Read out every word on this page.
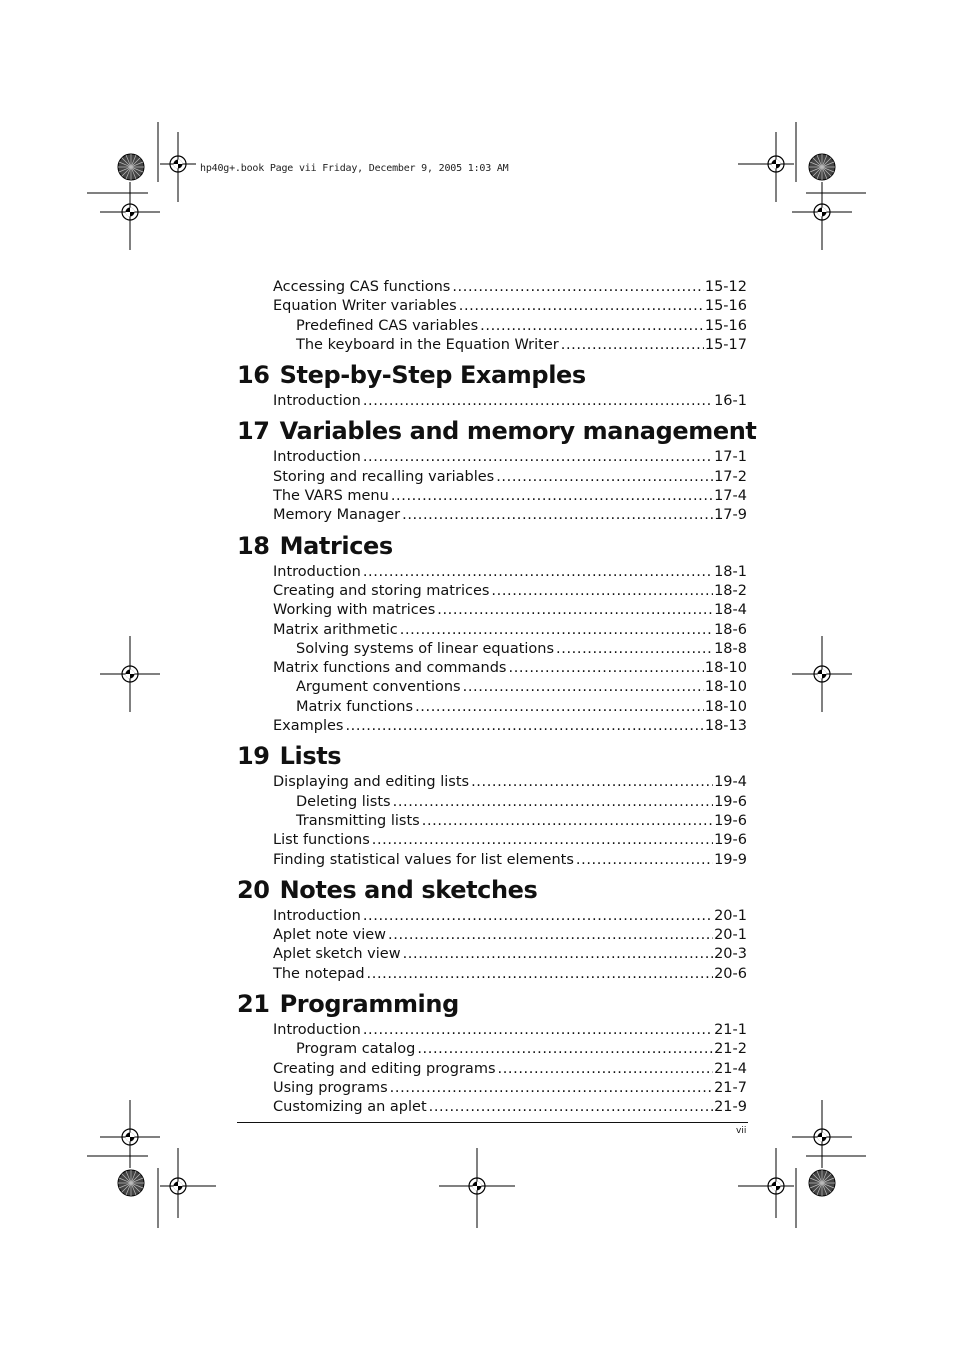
hp40g+.book Page vii Friday, December 9, 2005 1:03 AM
Accessing CAS functions .....	15-12
Equation Writer variables .....	15-16
Predefined CAS variables .....	15-16
The keyboard in the Equation Writer .....	15-17
16 Step-by-Step Examples
Introduction .....	16-1
17 Variables and memory management
Introduction .....	17-1
Storing and recalling variables .....	17-2
The VARS menu .....	17-4
Memory Manager .....	17-9
18 Matrices
Introduction .....	18-1
Creating and storing matrices .....	18-2
Working with matrices .....	18-4
Matrix arithmetic .....	18-6
Solving systems of linear equations .....	18-8
Matrix functions and commands .....	18-10
Argument conventions .....	18-10
Matrix functions .....	18-10
Examples .....	18-13
19 Lists
Displaying and editing lists .....	19-4
Deleting lists .....	19-6
Transmitting lists .....	19-6
List functions .....	19-6
Finding statistical values for list elements .....	19-9
20 Notes and sketches
Introduction .....	20-1
Aplet note view .....	20-1
Aplet sketch view .....	20-3
The notepad .....	20-6
21 Programming
Introduction .....	21-1
Program catalog .....	21-2
Creating and editing programs .....	21-4
Using programs .....	21-7
Customizing an aplet .....	21-9
vii
